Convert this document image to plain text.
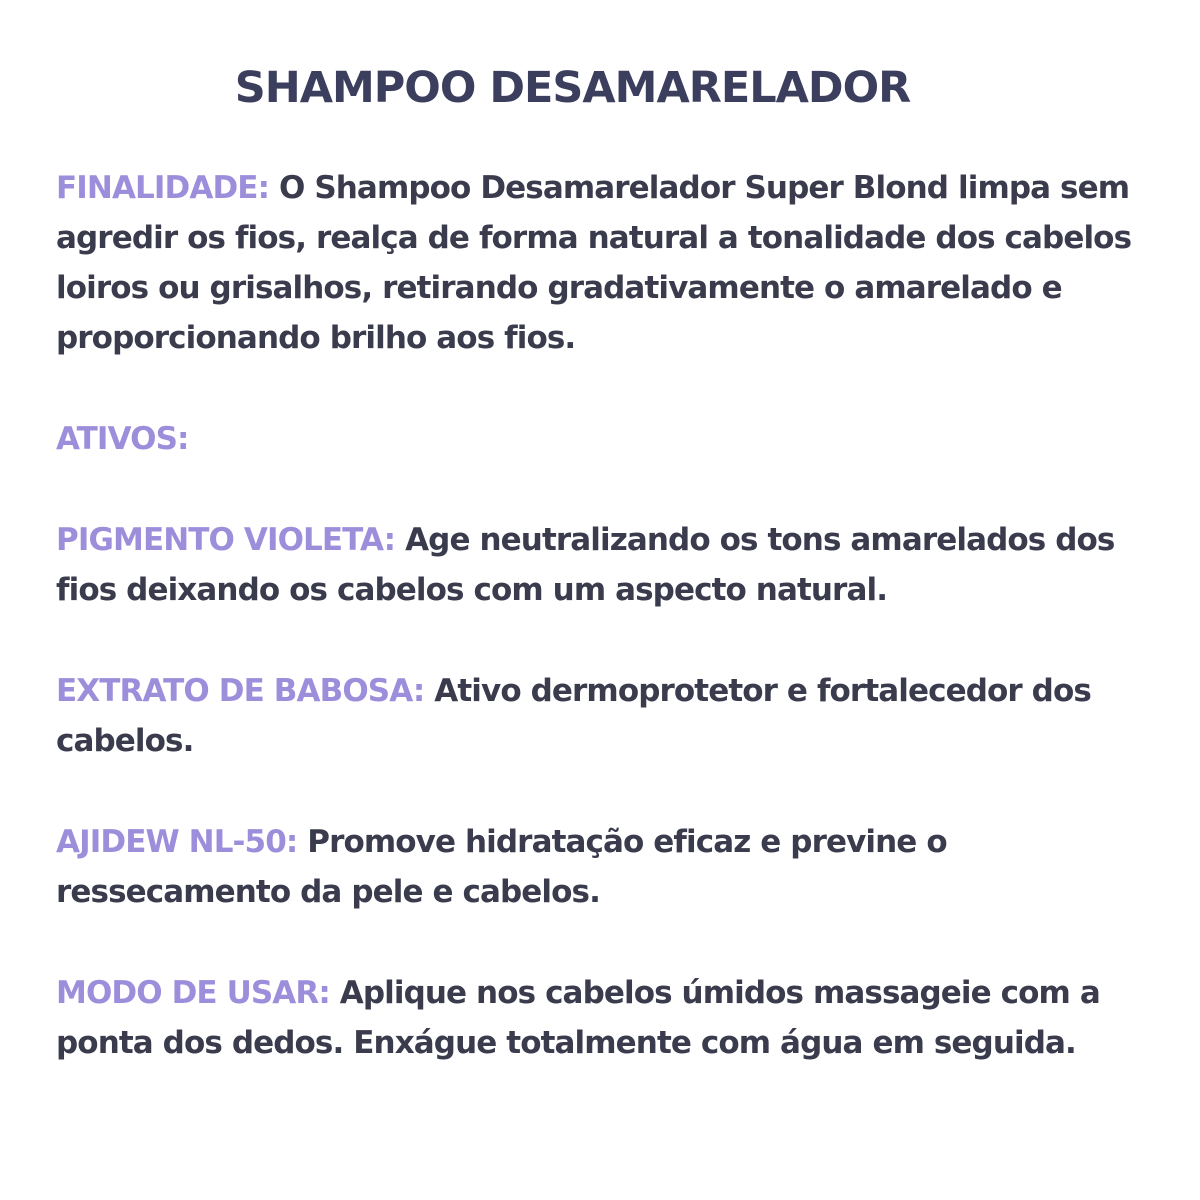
SHAMPOO DESAMARELADOR

FINALIDADE: O Shampoo Desamarelador Super Blond limpa sem agredir os fios, realça de forma natural a tonalidade dos cabelos loiros ou grisalhos, retirando gradativamente o amarelado e proporcionando brilho aos fios.

ATIVOS:

PIGMENTO VIOLETA: Age neutralizando os tons amarelados dos fios deixando os cabelos com um aspecto natural.

EXTRATO DE BABOSA: Ativo dermoprotetor e fortalecedor dos cabelos.

AJIDEW NL-50: Promove hidratação eficaz e previne o ressecamento da pele e cabelos.

MODO DE USAR: Aplique nos cabelos úmidos massageie com a ponta dos dedos. Enxágue totalmente com água em seguida.
